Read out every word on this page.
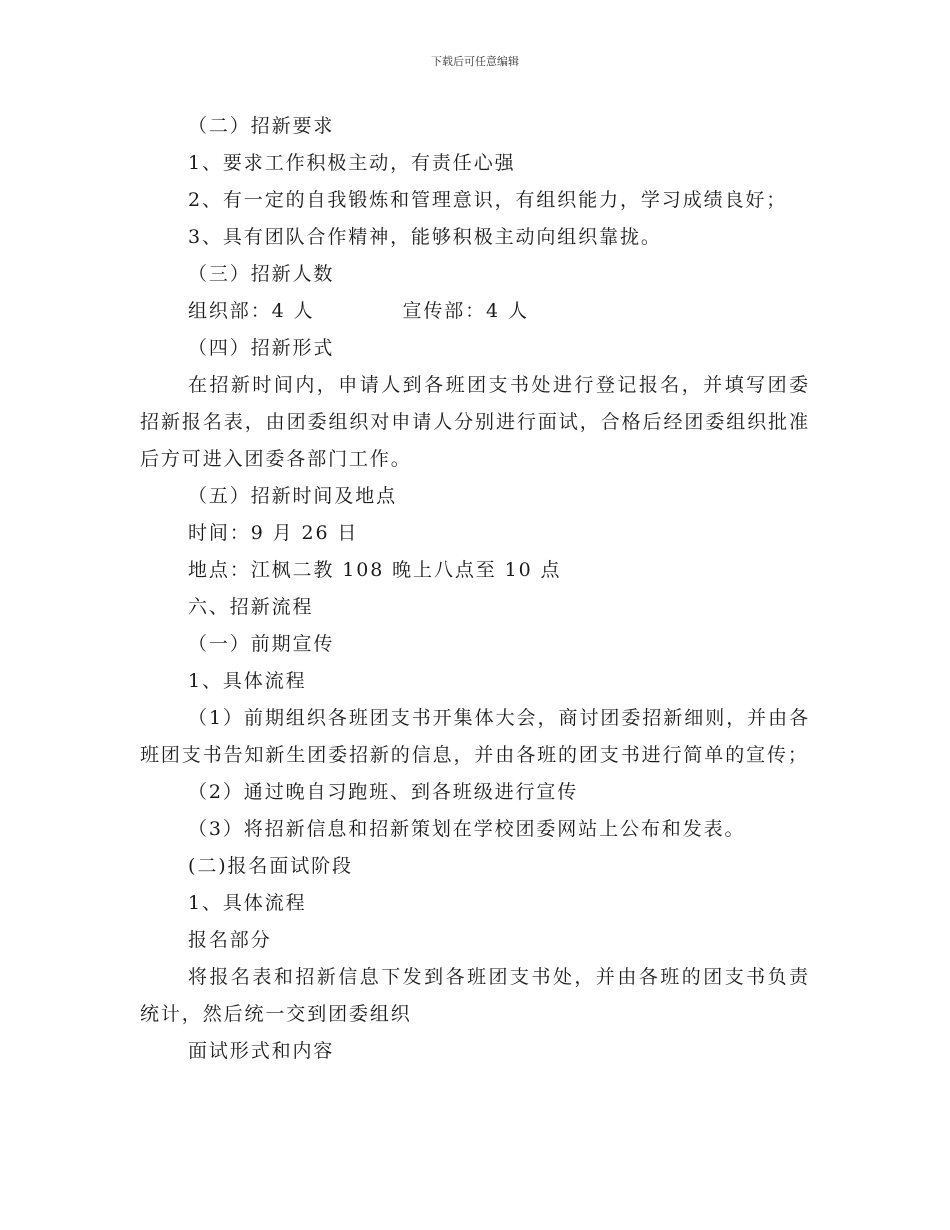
下载后可任意编辑
（二）招新要求
1、要求工作积极主动，有责任心强
2、有一定的自我锻炼和管理意识，有组织能力，学习成绩良好；
3、具有团队合作精神，能够积极主动向组织靠拢。
（三）招新人数
组织部：4 人	宣传部：4 人
（四）招新形式
在招新时间内，申请人到各班团支书处进行登记报名，并填写团委招新报名表，由团委组织对申请人分别进行面试，合格后经团委组织批准后方可进入团委各部门工作。
（五）招新时间及地点
时间：9 月 26 日
地点：江枫二教 108 晚上八点至 10 点
六、招新流程
（一）前期宣传
1、具体流程
（1）前期组织各班团支书开集体大会，商讨团委招新细则，并由各班团支书告知新生团委招新的信息，并由各班的团支书进行简单的宣传；
（2）通过晚自习跑班、到各班级进行宣传
（3）将招新信息和招新策划在学校团委网站上公布和发表。
(二)报名面试阶段
1、具体流程
报名部分
将报名表和招新信息下发到各班团支书处，并由各班的团支书负责统计，然后统一交到团委组织
面试形式和内容
